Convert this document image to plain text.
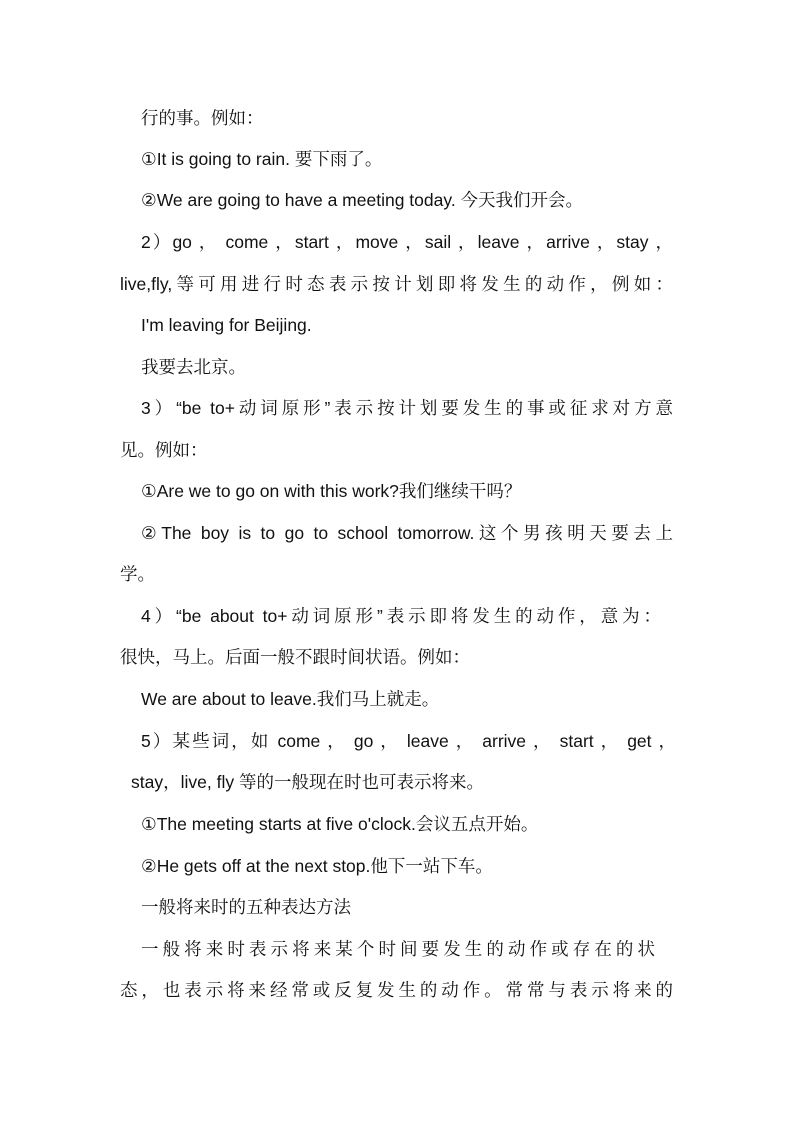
行的事。例如：
①It is going to rain. 要下雨了。
②We are going to have a meeting today. 今天我们开会。
2）go ， come ，start ，move ，sail ，leave ，arrive ，stay ，
live,fly,等可用进行时态表示按计划即将发生的动作，例如：
I'm leaving for Beijing.
我要去北京。
3）“be to+动词原形”表示按计划要发生的事或征求对方意
见。例如：
①Are we to go on with this work?我们继续干吗？
②The boy is to go to school tomorrow.这个男孩明天要去上
学。
4）“be about to+动词原形”表示即将发生的动作，意为：
很快，马上。后面一般不跟时间状语。例如：
We are about to leave.我们马上就走。
5）某些词，如 come ， go ， leave ， arrive ， start ， get ，
stay，live, fly 等的一般现在时也可表示将来。
①The meeting starts at five o'clock.会议五点开始。
②He gets off at the next stop.他下一站下车。
一般将来时的五种表达方法
一般将来时表示将来某个时间要发生的动作或存在的状
态，也表示将来经常或反复发生的动作。常常与表示将来的
